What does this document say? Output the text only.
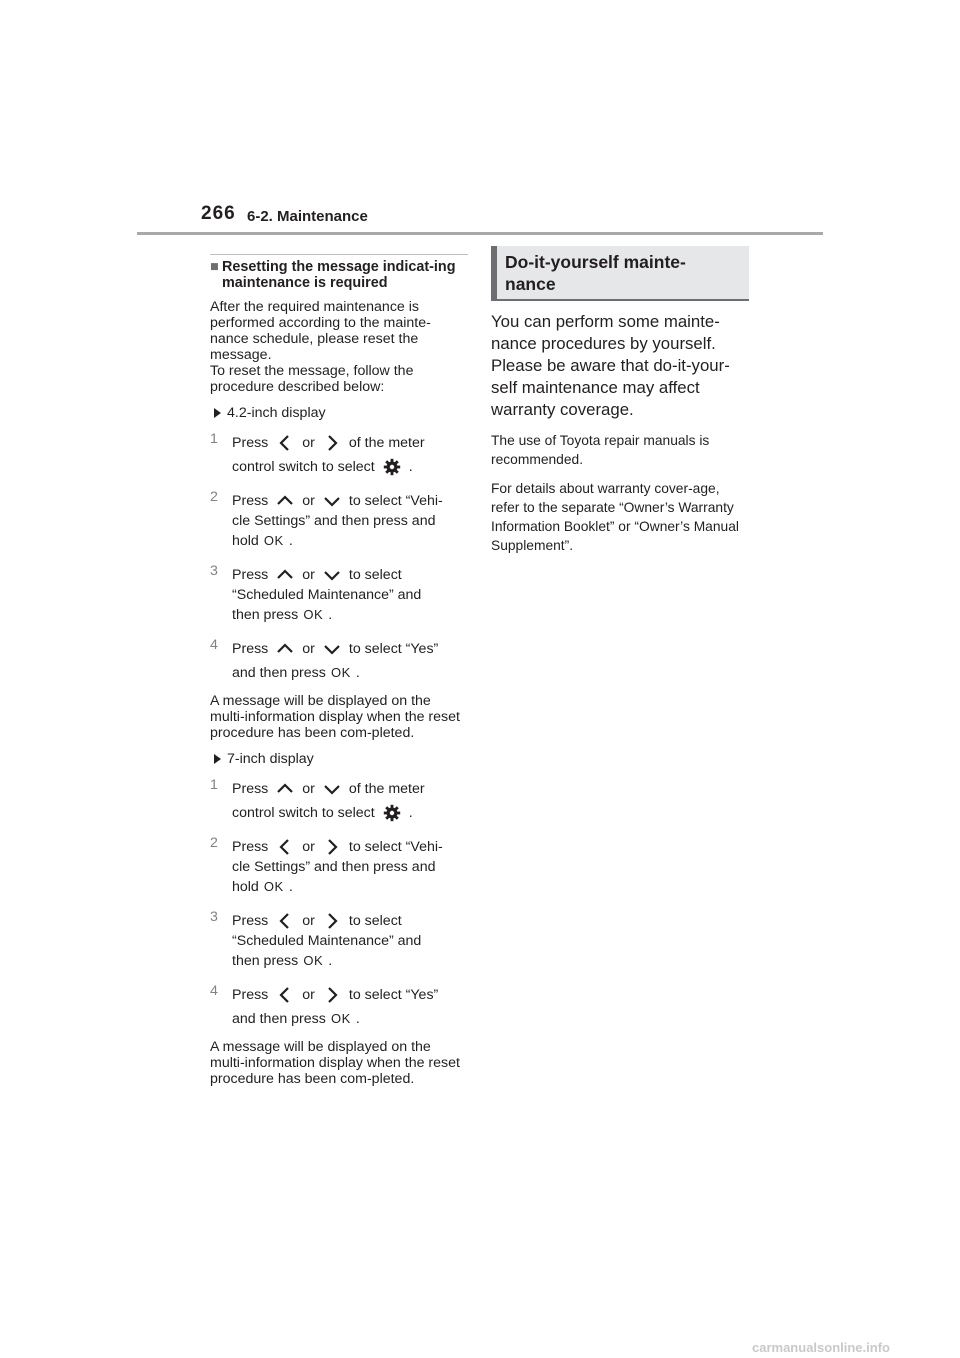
266 6-2. Maintenance
■ Resetting the message indicat-ing maintenance is required
After the required maintenance is performed according to the mainte-nance schedule, please reset the message.
To reset the message, follow the procedure described below:
4.2-inch display
1 Press or of the meter
control switch to select .
2 Press or to select “Vehi-
cle Settings” and then press and
hold OK .
3 Press or to select
“Scheduled Maintenance” and
then press OK .
4 Press or to select “Yes”
and then press OK .
A message will be displayed on the multi-information display when the reset procedure has been com-pleted.
7-inch display
1 Press or of the meter
control switch to select .
2 Press or to select “Vehi-
cle Settings” and then press and
hold OK .
3 Press or to select
“Scheduled Maintenance” and
then press OK .
4 Press or to select “Yes”
and then press OK .
A message will be displayed on the multi-information display when the reset procedure has been com-pleted.
Do-it-yourself mainte-
nance
You can perform some mainte-nance procedures by yourself. Please be aware that do-it-your-self maintenance may affect warranty coverage.
The use of Toyota repair manuals is recommended.
For details about warranty cover-age, refer to the separate “Owner’s Warranty Information Booklet” or “Owner’s Manual Supplement”.
carmanualsonline.info
